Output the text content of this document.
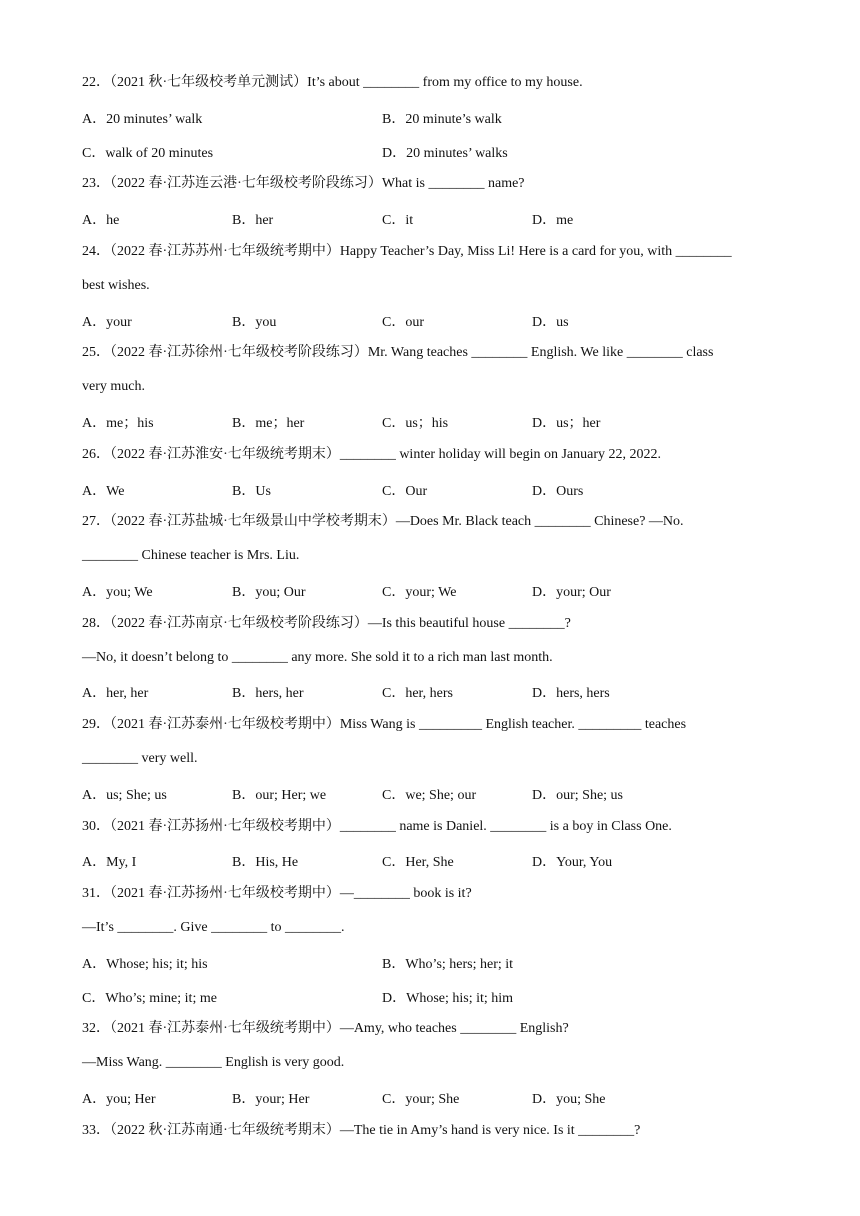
22．（2021 秋·七年级校考单元测试）It’s about ________ from my office to my house.
A．20 minutes’ walk	B．20 minute’s walk
C．walk of 20 minutes	D．20 minutes’ walks
23．（2022 春·江苏连云港·七年级校考阶段练习）What is ________ name?
A．he	B．her	C．it	D．me
24．（2022 春·江苏苏州·七年级统考期中）Happy Teacher’s Day, Miss Li! Here is a card for you, with ________
best wishes.
A．your	B．you	C．our	D．us
25．（2022 春·江苏徐州·七年级校考阶段练习）Mr. Wang teaches ________ English. We like ________ class
very much.
A．me；his	B．me；her	C．us；his	D．us；her
26．（2022 春·江苏淮安·七年级统考期末）________ winter holiday will begin on January 22, 2022.
A．We	B．Us	C．Our	D．Ours
27．（2022 春·江苏盐城·七年级景山中学校考期末）—Does Mr. Black teach ________ Chinese? —No.
________ Chinese teacher is Mrs. Liu.
A．you; We	B．you; Our	C．your; We	D．your; Our
28．（2022 春·江苏南京·七年级校考阶段练习）—Is this beautiful house ________?
—No, it doesn’t belong to ________ any more. She sold it to a rich man last month.
A．her, her	B．hers, her	C．her, hers	D．hers, hers
29．（2021 春·江苏泰州·七年级校考期中）Miss Wang is _________ English teacher. _________ teaches
________ very well.
A．us; She; us	B．our; Her; we	C．we; She; our	D．our; She; us
30．（2021 春·江苏扬州·七年级校考期中）________ name is Daniel. ________ is a boy in Class One.
A．My, I	B．His, He	C．Her, She	D．Your, You
31．（2021 春·江苏扬州·七年级校考期中）—________ book is it?
—It’s ________. Give ________ to ________.
A．Whose; his; it; his	B．Who’s; hers; her; it
C．Who’s; mine; it; me	D．Whose; his; it; him
32．（2021 春·江苏泰州·七年级统考期中）—Amy, who teaches ________ English?
—Miss Wang. ________ English is very good.
A．you; Her	B．your; Her	C．your; She	D．you; She
33．（2022 秋·江苏南通·七年级统考期末）—The tie in Amy’s hand is very nice. Is it ________?
